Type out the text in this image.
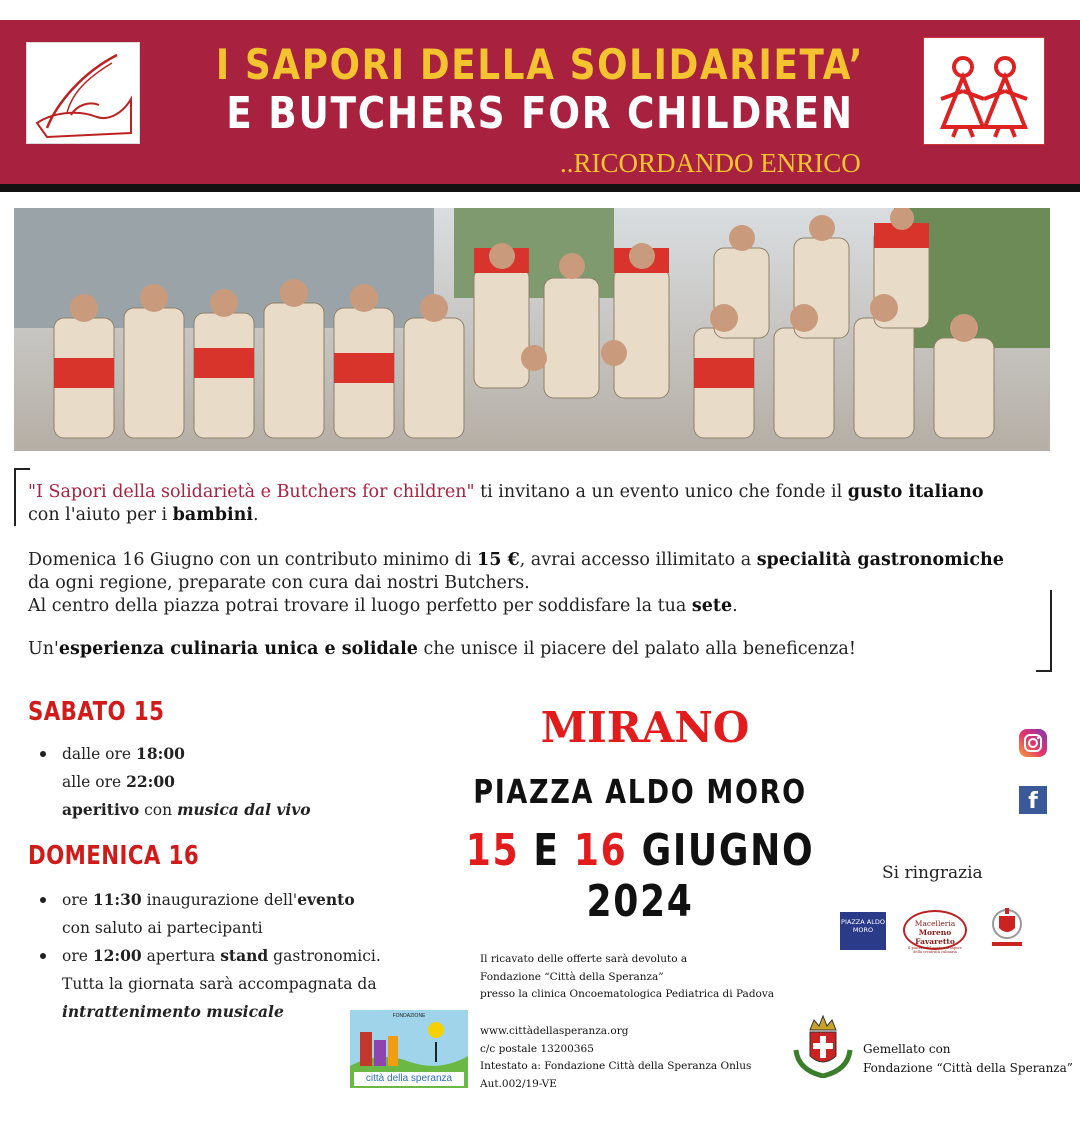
I SAPORI DELLA SOLIDARIETA’
E BUTCHERS FOR CHILDREN
..RICORDANDO ENRICO
"I Sapori della solidarietà e Butchers for children" ti invitano a un evento unico che fonde il gusto italiano
con l'aiuto per i bambini.
Domenica 16 Giugno con un contributo minimo di 15 €, avrai accesso illimitato a specialità gastronomiche
da ogni regione, preparate con cura dai nostri Butchers.
Al centro della piazza potrai trovare il luogo perfetto per soddisfare la tua sete.
Un'esperienza culinaria unica e solidale che unisce il piacere del palato alla beneficenza!
SABATO 15
dalle ore 18:00
alle ore 22:00
aperitivo con musica dal vivo
DOMENICA 16
ore 11:30 inaugurazione dell'evento
con saluto ai partecipanti
ore 12:00 apertura stand gastronomici.
Tutta la giornata sarà accompagnata da
intrattenimento musicale
MIRANO
PIAZZA ALDO MORO
15 E 16 GIUGNO 2024
f
Si ringrazia
PIAZZA ALDO MORO
Macelleria
Moreno Favaretto
il piacere del gusto e il sapore della creatività culinaria
Il ricavato delle offerte sarà devoluto a
Fondazione “Città della Speranza”
presso la clinica Oncoematologica Pediatrica di Padova
www.cittàdellasperanza.org
c/c postale 13200365
Intestato a: Fondazione Città della Speranza Onlus
Aut.002/19-VE
FONDAZIONE
città della speranza
Gemellato con
Fondazione “Città della Speranza”
